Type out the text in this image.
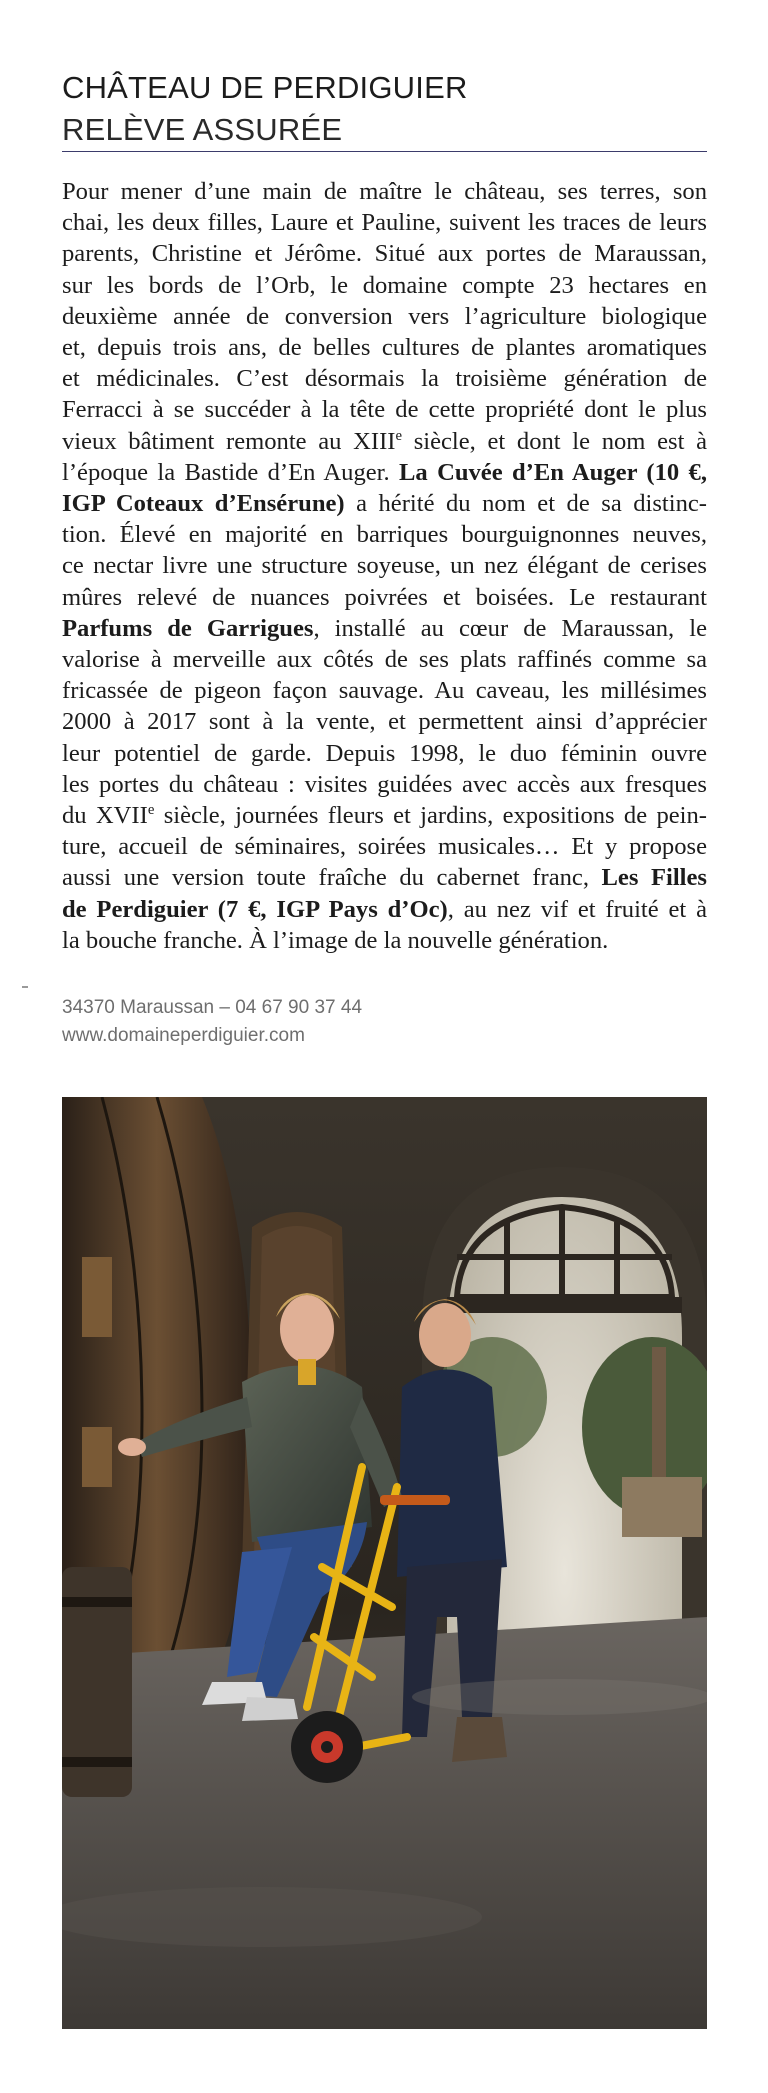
CHÂTEAU DE PERDIGUIER
RELÈVE ASSURÉE

Pour mener d’une main de maître le château, ses terres, son
chai, les deux filles, Laure et Pauline, suivent les traces de leurs
parents, Christine et Jérôme. Situé aux portes de Maraussan,
sur les bords de l’Orb, le domaine compte 23 hectares en
deuxième année de conversion vers l’agriculture biologique
et, depuis trois ans, de belles cultures de plantes aromatiques
et médicinales. C’est désormais la troisième génération de
Ferracci à se succéder à la tête de cette propriété dont le plus
vieux bâtiment remonte au XIIIe siècle, et dont le nom est à
l’époque la Bastide d’En Auger. La Cuvée d’En Auger (10 €,
IGP Coteaux d’Ensérune) a hérité du nom et de sa distinc-
tion. Élevé en majorité en barriques bourguignonnes neuves,
ce nectar livre une structure soyeuse, un nez élégant de cerises
mûres relevé de nuances poivrées et boisées. Le restaurant
Parfums de Garrigues, installé au cœur de Maraussan, le
valorise à merveille aux côtés de ses plats raffinés comme sa
fricassée de pigeon façon sauvage. Au caveau, les millésimes
2000 à 2017 sont à la vente, et permettent ainsi d’apprécier
leur potentiel de garde. Depuis 1998, le duo féminin ouvre
les portes du château : visites guidées avec accès aux fresques
du XVIIe siècle, journées fleurs et jardins, expositions de pein-
ture, accueil de séminaires, soirées musicales… Et y propose
aussi une version toute fraîche du cabernet franc, Les Filles
de Perdiguier (7 €, IGP Pays d’Oc), au nez vif et fruité et à
la bouche franche. À l’image de la nouvelle génération.

34370 Maraussan – 04 67 90 37 44
www.domaineperdiguier.com
